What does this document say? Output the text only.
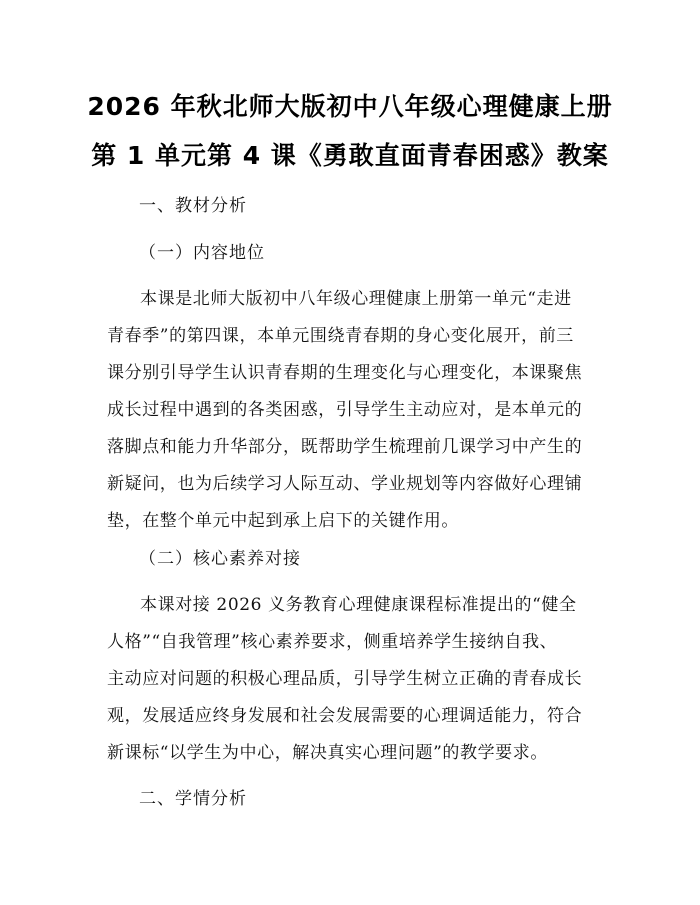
2026 年秋北师大版初中八年级心理健康上册
第 1 单元第 4 课《勇敢直面青春困惑》教案
一、教材分析
（一）内容地位
本课是北师大版初中八年级心理健康上册第一单元“走进
青春季”的第四课，本单元围绕青春期的身心变化展开，前三
课分别引导学生认识青春期的生理变化与心理变化，本课聚焦
成长过程中遇到的各类困惑，引导学生主动应对，是本单元的
落脚点和能力升华部分，既帮助学生梳理前几课学习中产生的
新疑问，也为后续学习人际互动、学业规划等内容做好心理铺
垫，在整个单元中起到承上启下的关键作用。
（二）核心素养对接
本课对接 2026 义务教育心理健康课程标准提出的“健全
人格”“自我管理”核心素养要求，侧重培养学生接纳自我、
主动应对问题的积极心理品质，引导学生树立正确的青春成长
观，发展适应终身发展和社会发展需要的心理调适能力，符合
新课标“以学生为中心，解决真实心理问题”的教学要求。
二、学情分析
